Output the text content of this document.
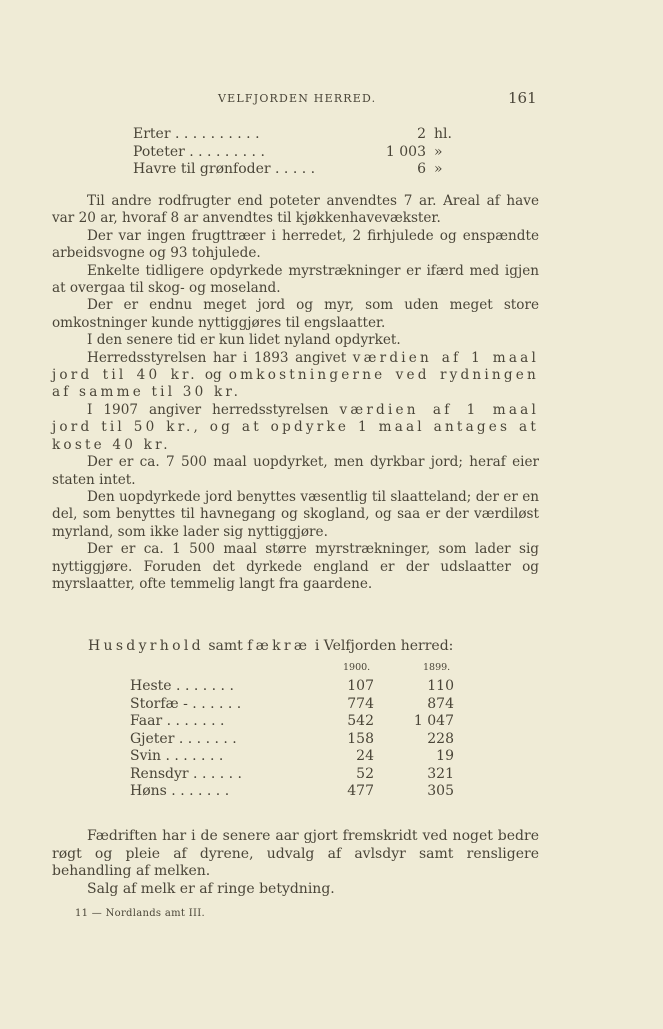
VELFJORDEN HERRED.	161
Erter . . . . . . . . . .	2 hl.
Poteter . . . . . . . . .	1 003 »
Havre til grønfoder . . . . .	6 »

Til andre rodfrugter end poteter anvendtes 7 ar. Areal af have var 20 ar, hvoraf 8 ar anvendtes til kjøkkenhavevækster.

Der var ingen frugttræer i herredet, 2 firhjulede og enspændte arbeidsvogne og 93 tohjulede.

Enkelte tidligere opdyrkede myrstrækninger er ifærd med igjen at overgaa til skog- og moseland.

Der er endnu meget jord og myr, som uden meget store omkostninger kunde nyttiggjøres til engslaatter.

I den senere tid er kun lidet nyland opdyrket.

Herredsstyrelsen har i 1893 angivet værdien af 1 maal jord til 40 kr. og omkostningerne ved rydningen af samme til 30 kr.

I 1907 angiver herredsstyrelsen værdien af 1 maal jord til 50 kr., og at opdyrke 1 maal antages at koste 40 kr.

Der er ca. 7 500 maal uopdyrket, men dyrkbar jord; heraf eier staten intet.

Den uopdyrkede jord benyttes væsentlig til slaatteland; der er en del, som benyttes til havnegang og skogland, og saa er der værdiløst myrland, som ikke lader sig nyttiggjøre.

Der er ca. 1 500 maal større myrstrækninger, som lader sig nyttiggjøre. Foruden det dyrkede england er der udslaatter og myrslaatter, ofte temmelig langt fra gaardene.

Husdyrhold samt fækræ i Velfjorden herred:
1900.	1899.
Heste . . . . . . .	107	110
Storfæ - . . . . . .	774	874
Faar . . . . . . .	542	1 047
Gjeter . . . . . . .	158	228
Svin . . . . . . .	24	19
Rensdyr . . . . . .	52	321
Høns . . . . . . .	477	305

Fædriften har i de senere aar gjort fremskridt ved noget bedre røgt og pleie af dyrene, udvalg af avlsdyr samt rensligere behandling af melken.

Salg af melk er af ringe betydning.

11 — Nordlands amt III.
